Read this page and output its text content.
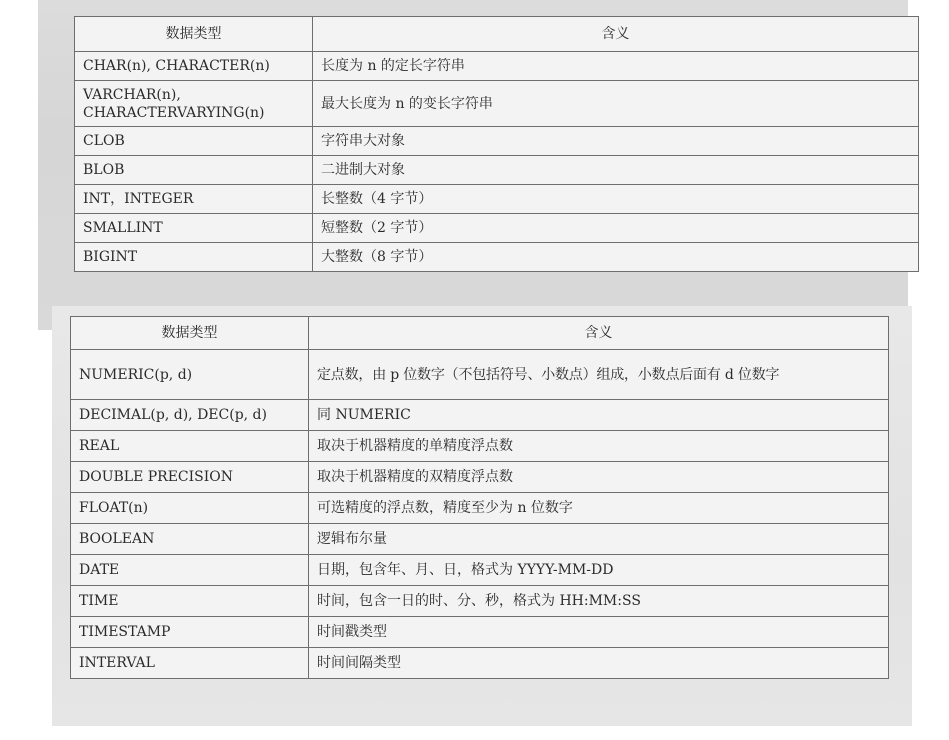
数据类型	含义
CHAR(n), CHARACTER(n)	长度为 n 的定长字符串
VARCHAR(n), CHARACTERVARYING(n)	最大长度为 n 的变长字符串
CLOB	字符串大对象
BLOB	二进制大对象
INT，INTEGER	长整数（4 字节）
SMALLINT	短整数（2 字节）
BIGINT	大整数（8 字节）
数据类型	含义
NUMERIC(p, d)	定点数，由 p 位数字（不包括符号、小数点）组成，小数点后面有 d 位数字
DECIMAL(p, d), DEC(p, d)	同 NUMERIC
REAL	取决于机器精度的单精度浮点数
DOUBLE PRECISION	取决于机器精度的双精度浮点数
FLOAT(n)	可选精度的浮点数，精度至少为 n 位数字
BOOLEAN	逻辑布尔量
DATE	日期，包含年、月、日，格式为 YYYY-MM-DD
TIME	时间，包含一日的时、分、秒，格式为 HH:MM:SS
TIMESTAMP	时间戳类型
INTERVAL	时间间隔类型
